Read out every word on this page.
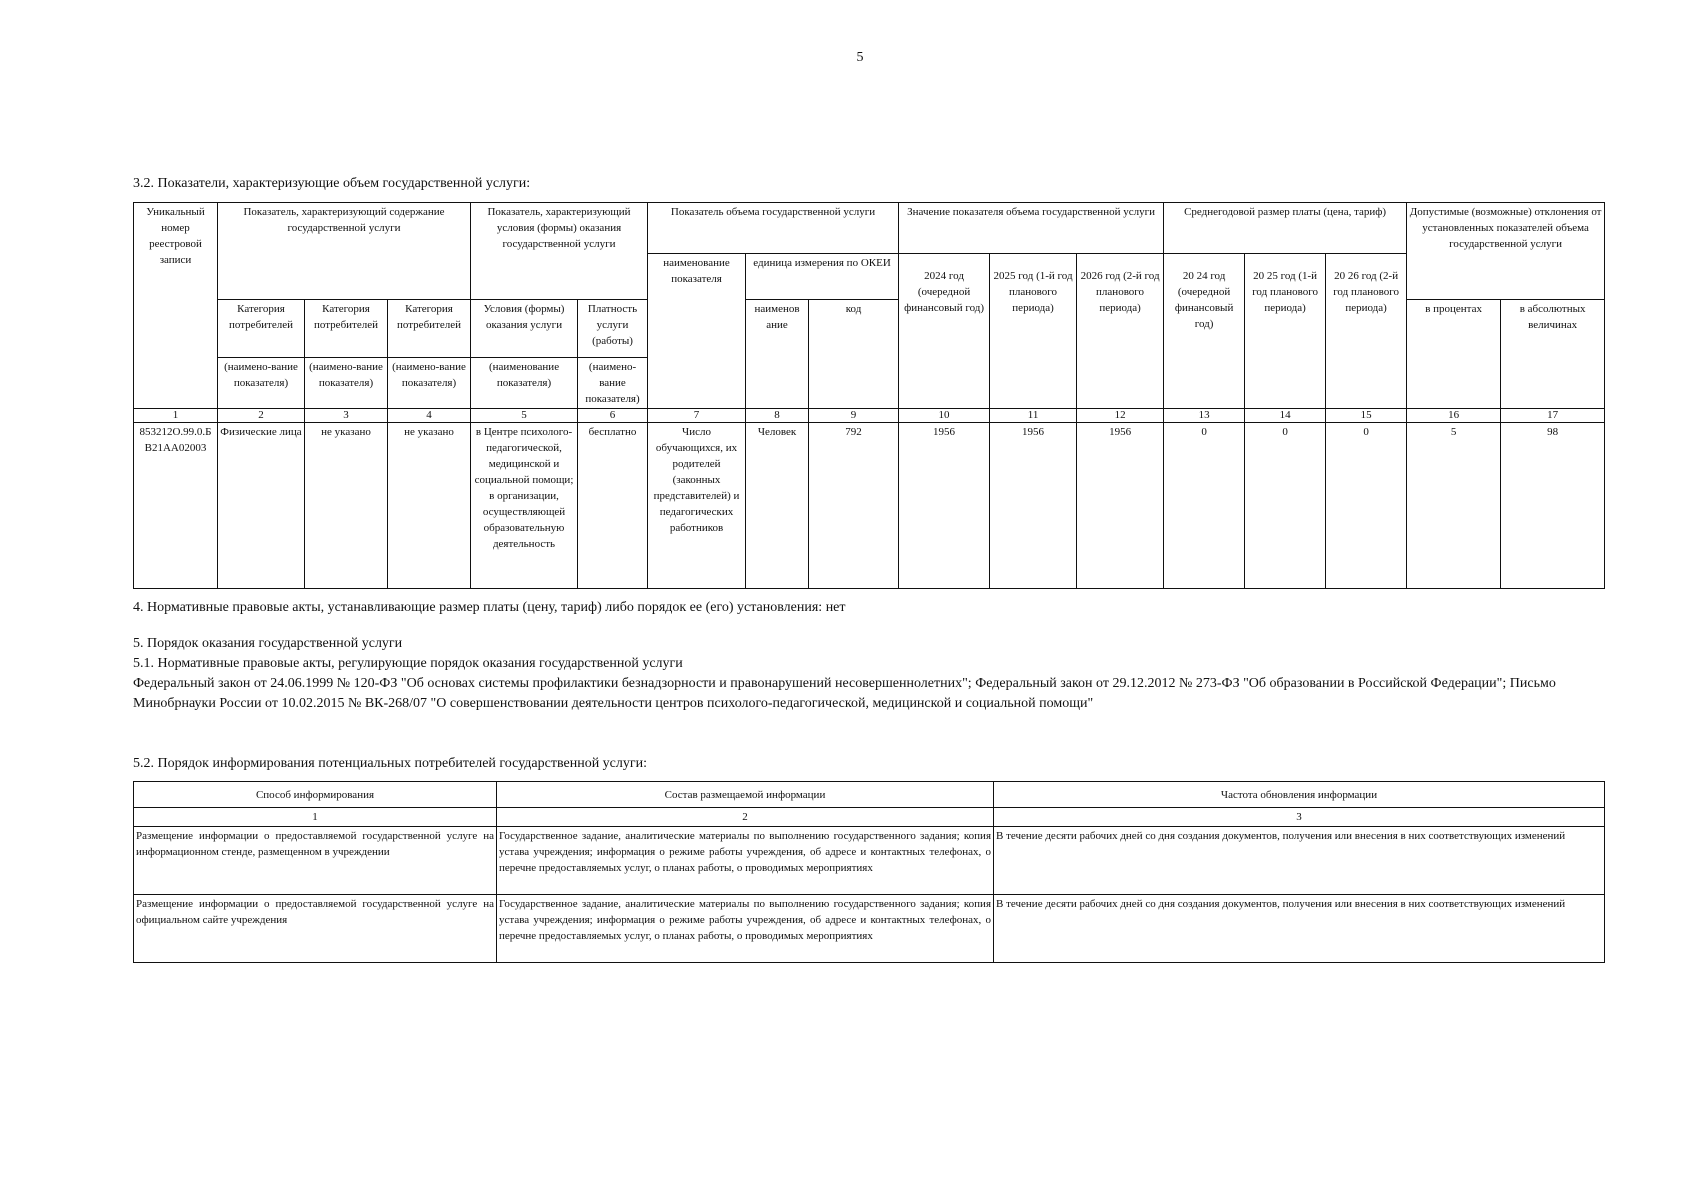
5
3.2. Показатели, характеризующие объем государственной услуги:
Уникальный номер реестровой записи	Показатель, характеризующий содержание государственной услуги			Показатель, характеризующий условия (формы) оказания государственной услуги		Показатель объема государственной услуги			Значение показателя объема государственной услуги			Среднегодовой размер платы (цена, тариф)			Допустимые (возможные) отклонения от установленных показателей объема государственной услуги	
						наименование показателя	единица измерения по ОКЕИ		2024 год (очередной финансовый год)	2025 год (1-й год планового периода)	2026 год (2-й год планового периода)	20 24 год (очередной финансовый год)	20 25 год (1-й год планового периода)	20 26 год (2-й год планового периода)		
	Категория потребителей	Категория потребителей	Категория потребителей	Условия (формы) оказания услуги	Платность услуги (работы)		наименов ание	код							в процентах	в абсолютных величинах
	(наимено-вание показателя)	(наимено-вание показателя)	(наимено-вание показателя)	(наименование показателя)	(наимено-вание показателя)											

1	2	3	4	5	6	7	8	9	10	11	12	13	14	15	16	17
853212О.99.0.БВ21АА02003	Физические лица	не указано	не указано	в Центре психолого-педагогической, медицинской и социальной помощи; в организации, осуществляющей образовательную деятельность	бесплатно	Число обучающихся, их родителей (законных представителей) и педагогических работников	Человек	792	1956	1956	1956	0	0	0	5	98
4. Нормативные правовые акты, устанавливающие размер платы (цену, тариф) либо порядок ее (его) установления: нет
5. Порядок оказания государственной услуги
5.1. Нормативные правовые акты, регулирующие порядок оказания государственной услуги
Федеральный закон от 24.06.1999 № 120-ФЗ "Об основах системы профилактики безнадзорности и правонарушений несовершеннолетних"; Федеральный закон от 29.12.2012 № 273-ФЗ "Об образовании в Российской Федерации"; Письмо Минобрнауки России от 10.02.2015 № ВК-268/07 "О совершенствовании деятельности центров психолого-педагогической, медицинской и социальной помощи"
5.2. Порядок информирования потенциальных потребителей государственной услуги:
Способ информирования	Состав размещаемой информации	Частота обновления информации
1	2	3
Размещение информации о предоставляемой государственной услуге на информационном стенде, размещенном в учреждении	Государственное задание, аналитические материалы по выполнению государственного задания; копия устава учреждения; информация о режиме работы учреждения, об адресе и контактных телефонах, о перечне предоставляемых услуг, о планах работы, о проводимых мероприятиях	В течение десяти рабочих дней со дня создания документов, получения или внесения в них соответствующих изменений
Размещение информации о предоставляемой государственной услуге на официальном сайте учреждения	Государственное задание, аналитические материалы по выполнению государственного задания; копия устава учреждения; информация о режиме работы учреждения, об адресе и контактных телефонах, о перечне предоставляемых услуг, о планах работы, о проводимых мероприятиях	В течение десяти рабочих дней со дня создания документов, получения или внесения в них соответствующих изменений
